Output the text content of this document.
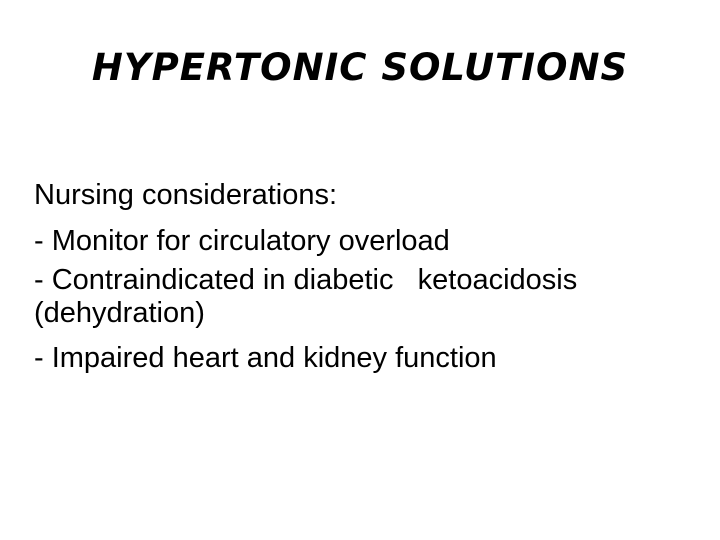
HYPERTONIC SOLUTIONS
Nursing considerations:
- Monitor for circulatory overload
- Contraindicated in diabetic   ketoacidosis
(dehydration)
- Impaired heart and kidney function
